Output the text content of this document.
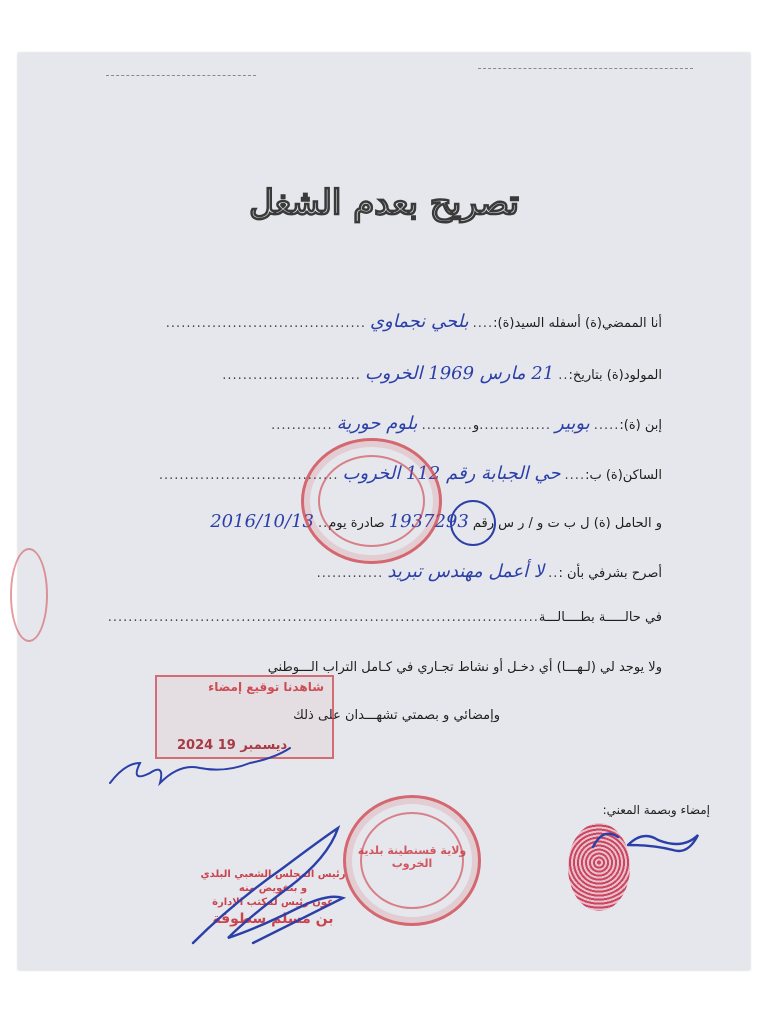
تصريح بعدم الشغل
أنا الممضي(ة) أسفله السيد(ة):
....
بلحي نجماوي
.......................................
المولود(ة) بتاريخ:
..
21 مارس 1969 الخروب
...........................
إبن (ة):
.....
بوبير
..............
و
..........
بلوم حورية
............
الساكن(ة) ب:
....
حي الجبابة رقم 112 الخروب
...................................
و الحامل (ة) ل ب ت و / ر س رقم
1937293
صادرة يوم
..
2016/10/13
أصرح بشرفي بأن :
..
لا أعمل مهندس تبريد
.............
في حالـــــة بطــــالـــة
....................................................................................
ولا يوجد لي (لـهـــا) أي دخـل أو نشاط تجـاري في كـامل التراب الـــوطني
وإمضائي و بصمتي تشهـــدان على ذلك
شاهدنا توقيع إمضاء
2024 ديسمبر 19
ولاية قسنطينة بلدية الخروب
رئيس المجلس الشعبي البلدي
و بتفويض منه
عون رئيس لمكتب الإدارة
بن مسلم سطوفة
إمضاء وبصمة المعني:
